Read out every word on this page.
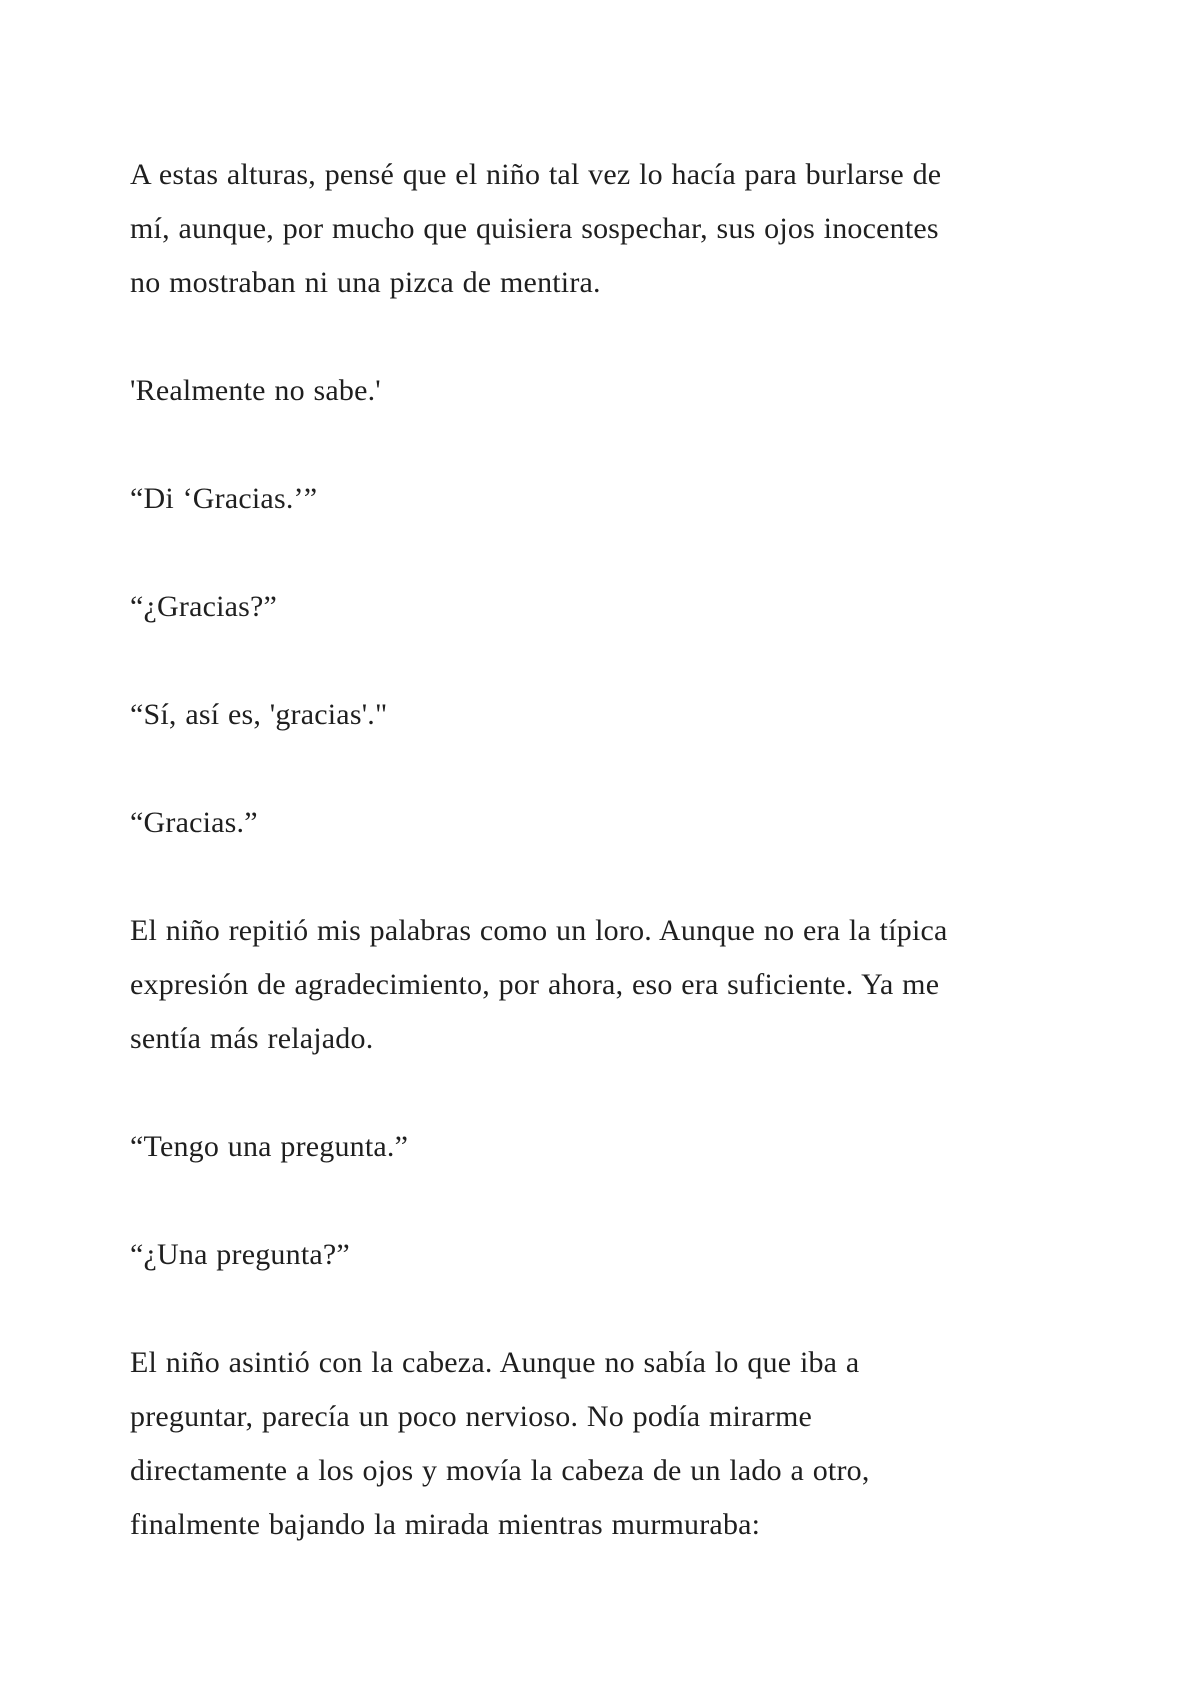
A estas alturas, pensé que el niño tal vez lo hacía para burlarse de
mí, aunque, por mucho que quisiera sospechar, sus ojos inocentes
no mostraban ni una pizca de mentira.

'Realmente no sabe.'

“Di ‘Gracias.’”

“¿Gracias?”

“Sí, así es, 'gracias'."

“Gracias.”

El niño repitió mis palabras como un loro. Aunque no era la típica
expresión de agradecimiento, por ahora, eso era suficiente. Ya me
sentía más relajado.

“Tengo una pregunta.”

“¿Una pregunta?”

El niño asintió con la cabeza. Aunque no sabía lo que iba a
preguntar, parecía un poco nervioso. No podía mirarme
directamente a los ojos y movía la cabeza de un lado a otro,
finalmente bajando la mirada mientras murmuraba:
